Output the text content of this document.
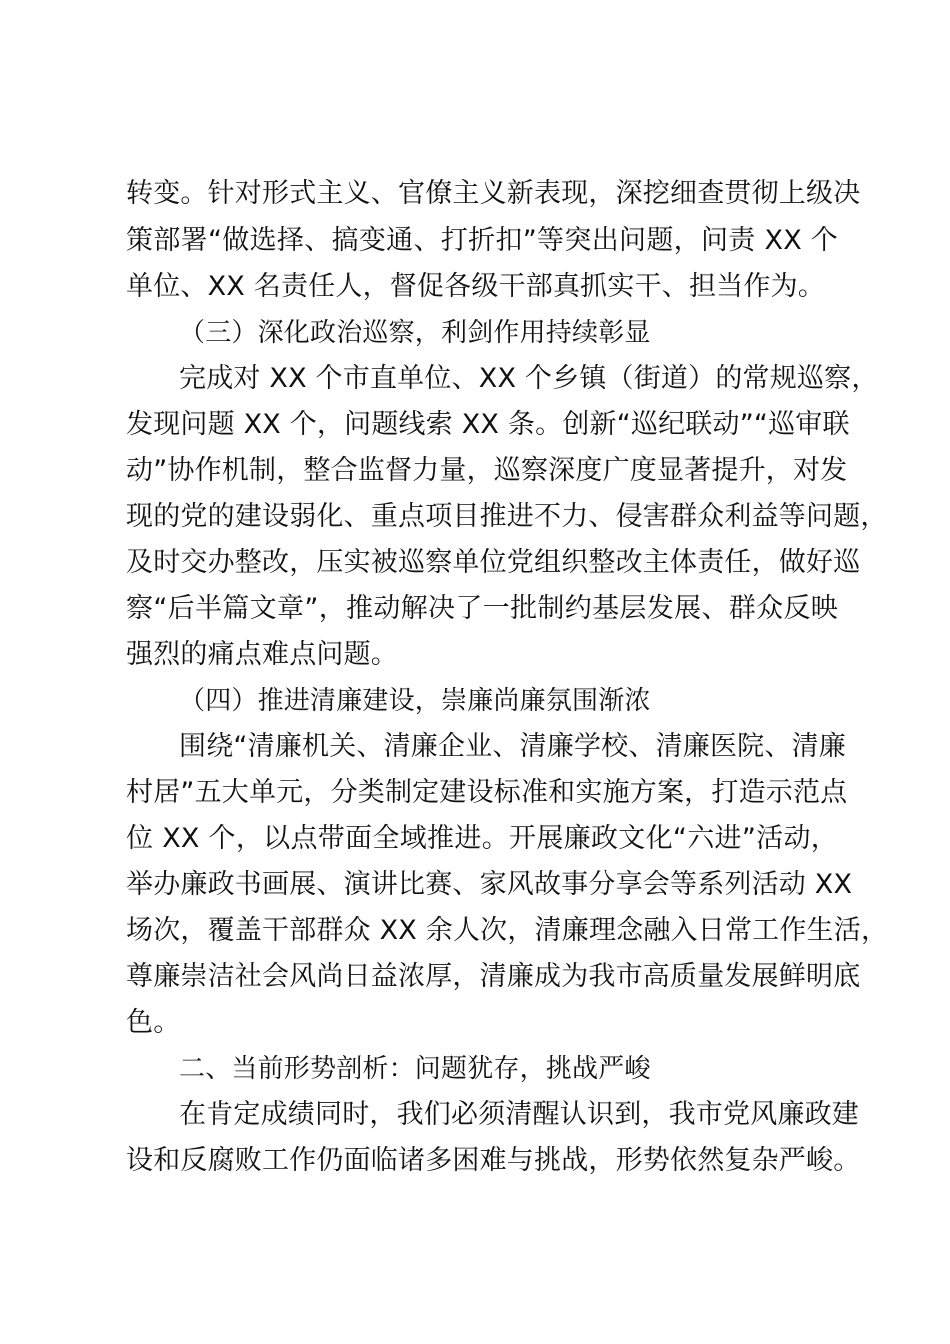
转变。针对形式主义、官僚主义新表现，深挖细查贯彻上级决
策部署“做选择、搞变通、打折扣”等突出问题，问责 XX 个
单位、XX 名责任人，督促各级干部真抓实干、担当作为。
（三）深化政治巡察，利剑作用持续彰显
完成对 XX 个市直单位、XX 个乡镇（街道）的常规巡察，
发现问题 XX 个，问题线索 XX 条。创新“巡纪联动”“巡审联
动”协作机制，整合监督力量，巡察深度广度显著提升，对发
现的党的建设弱化、重点项目推进不力、侵害群众利益等问题，
及时交办整改，压实被巡察单位党组织整改主体责任，做好巡
察“后半篇文章”，推动解决了一批制约基层发展、群众反映
强烈的痛点难点问题。
（四）推进清廉建设，崇廉尚廉氛围渐浓
围绕“清廉机关、清廉企业、清廉学校、清廉医院、清廉
村居”五大单元，分类制定建设标准和实施方案，打造示范点
位 XX 个，以点带面全域推进。开展廉政文化“六进”活动，
举办廉政书画展、演讲比赛、家风故事分享会等系列活动 XX
场次，覆盖干部群众 XX 余人次，清廉理念融入日常工作生活，
尊廉崇洁社会风尚日益浓厚，清廉成为我市高质量发展鲜明底
色。
二、当前形势剖析：问题犹存，挑战严峻
在肯定成绩同时，我们必须清醒认识到，我市党风廉政建
设和反腐败工作仍面临诸多困难与挑战，形势依然复杂严峻。
